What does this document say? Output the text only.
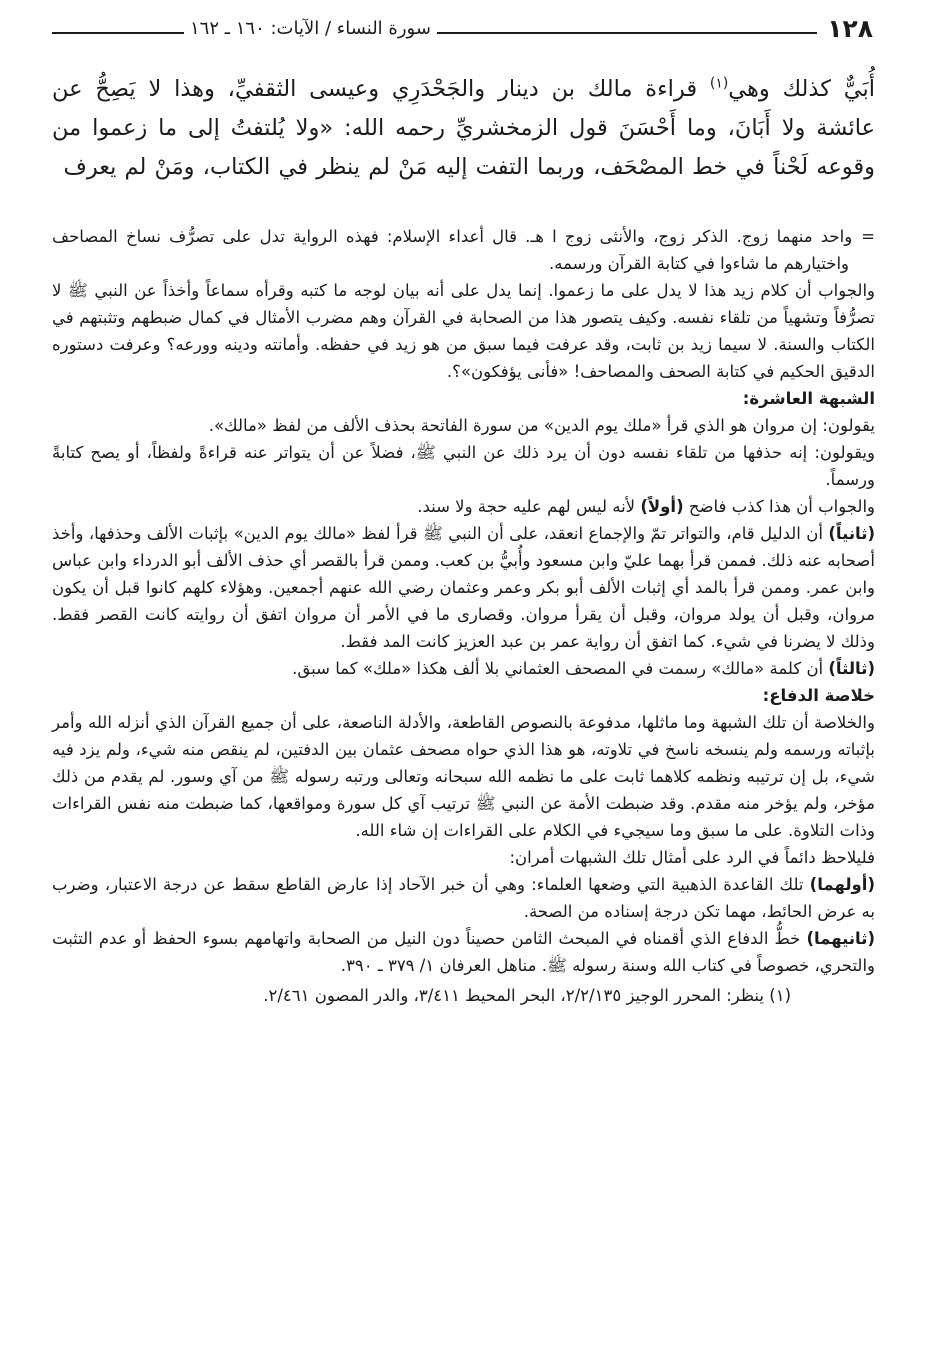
١٢٨
سورة النساء / الآيات: ١٦٠ ـ ١٦٢

أُبَيٌّ كذلك وهي$^{(١)}$ قراءة مالك بن دينار والجَحْدَرِي وعيسى الثقفيِّ، وهذا لا يَصِحُّ عن عائشة ولا أَبَانَ، وما أَحْسَنَ قول الزمخشريِّ رحمه الله: «ولا يُلتفتُ إلى ما زعموا من وقوعه لَحْناً في خط المصْحَف، وربما التفت إليه مَنْ لم ينظر في الكتاب، ومَنْ لم يعرف

=واحد منهما زوج. الذكر زوج، والأنثى زوج ا هـ. قال أعداء الإسلام: فهذه الرواية تدل على تصرُّف نساخ المصاحف واختيارهم ما شاءوا في كتابة القرآن ورسمه.

والجواب أن كلام زيد هذا لا يدل على ما زعموا. إنما يدل على أنه بيان لوجه ما كتبه وقرأه سماعاً وأخذاً عن النبي ﷺ لا تصرُّفاً وتشهياً من تلقاء نفسه. وكيف يتصور هذا من الصحابة في القرآن وهم مضرب الأمثال في كمال ضبطهم وتثبتهم في الكتاب والسنة. لا سيما زيد بن ثابت، وقد عرفت فيما سبق من هو زيد في حفظه. وأمانته ودينه وورعه؟ وعرفت دستوره الدقيق الحكيم في كتابة الصحف والمصاحف! «فأنى يؤفكون»؟.

الشبهة العاشرة:

يقولون: إن مروان هو الذي قرأ «ملك يوم الدين» من سورة الفاتحة بحذف الألف من لفظ «مالك».

ويقولون: إنه حذفها من تلقاء نفسه دون أن يرد ذلك عن النبي ﷺ، فضلاً عن أن يتواتر عنه قراءةً ولفظاً، أو يصح كتابةً ورسماً.

والجواب أن هذا كذب فاضح (أولاً) لأنه ليس لهم عليه حجة ولا سند.

(ثانياً) أن الدليل قام، والتواتر تمّ والإجماع انعقد، على أن النبي ﷺ قرأ لفظ «مالك يوم الدين» بإثبات الألف وحذفها، وأخذ أصحابه عنه ذلك. فممن قرأ بهما عليّ وابن مسعود وأُبيُّ بن كعب. وممن قرأ بالقصر أي حذف الألف أبو الدرداء وابن عباس وابن عمر. وممن قرأ بالمد أي إثبات الألف أبو بكر وعمر وعثمان رضي الله عنهم أجمعين. وهؤلاء كلهم كانوا قبل أن يكون مروان، وقبل أن يولد مروان، وقبل أن يقرأ مروان. وقصارى ما في الأمر أن مروان اتفق أن روايته كانت القصر فقط. وذلك لا يضرنا في شيء. كما اتفق أن رواية عمر بن عبد العزيز كانت المد فقط.

(ثالثاً) أن كلمة «مالك» رسمت في المصحف العثماني بلا ألف هكذا «ملك» كما سبق.

خلاصة الدفاع:

والخلاصة أن تلك الشبهة وما ماثلها، مدفوعة بالنصوص القاطعة، والأدلة الناصعة، على أن جميع القرآن الذي أنزله الله وأمر بإثباته ورسمه ولم ينسخه ناسخ في تلاوته، هو هذا الذي حواه مصحف عثمان بين الدفتين، لم ينقص منه شيء، ولم يزد فيه شيء، بل إن ترتيبه ونظمه كلاهما ثابت على ما نظمه الله سبحانه وتعالى ورتبه رسوله ﷺ من آي وسور. لم يقدم من ذلك مؤخر، ولم يؤخر منه مقدم. وقد ضبطت الأمة عن النبي ﷺ ترتيب آي كل سورة ومواقعها، كما ضبطت منه نفس القراءات وذات التلاوة. على ما سبق وما سيجيء في الكلام على القراءات إن شاء الله.

فليلاحظ دائماً في الرد على أمثال تلك الشبهات أمران:

(أولهما) تلك القاعدة الذهبية التي وضعها العلماء: وهي أن خبر الآحاد إذا عارض القاطع سقط عن درجة الاعتبار، وضرب به عرض الحائط، مهما تكن درجة إسناده من الصحة.

(ثانيهما) خطُّ الدفاع الذي أقمناه في المبحث الثامن حصيناً دون النيل من الصحابة واتهامهم بسوء الحفظ أو عدم التثبت والتحري، خصوصاً في كتاب الله وسنة رسوله ﷺ. مناهل العرفان ١/ ٣٧٩ ـ ٣٩٠.

(١) ينظر: المحرر الوجيز ٢/٢/١٣٥، البحر المحيط ٣/٤١١، والدر المصون ٢/٤٦١.
